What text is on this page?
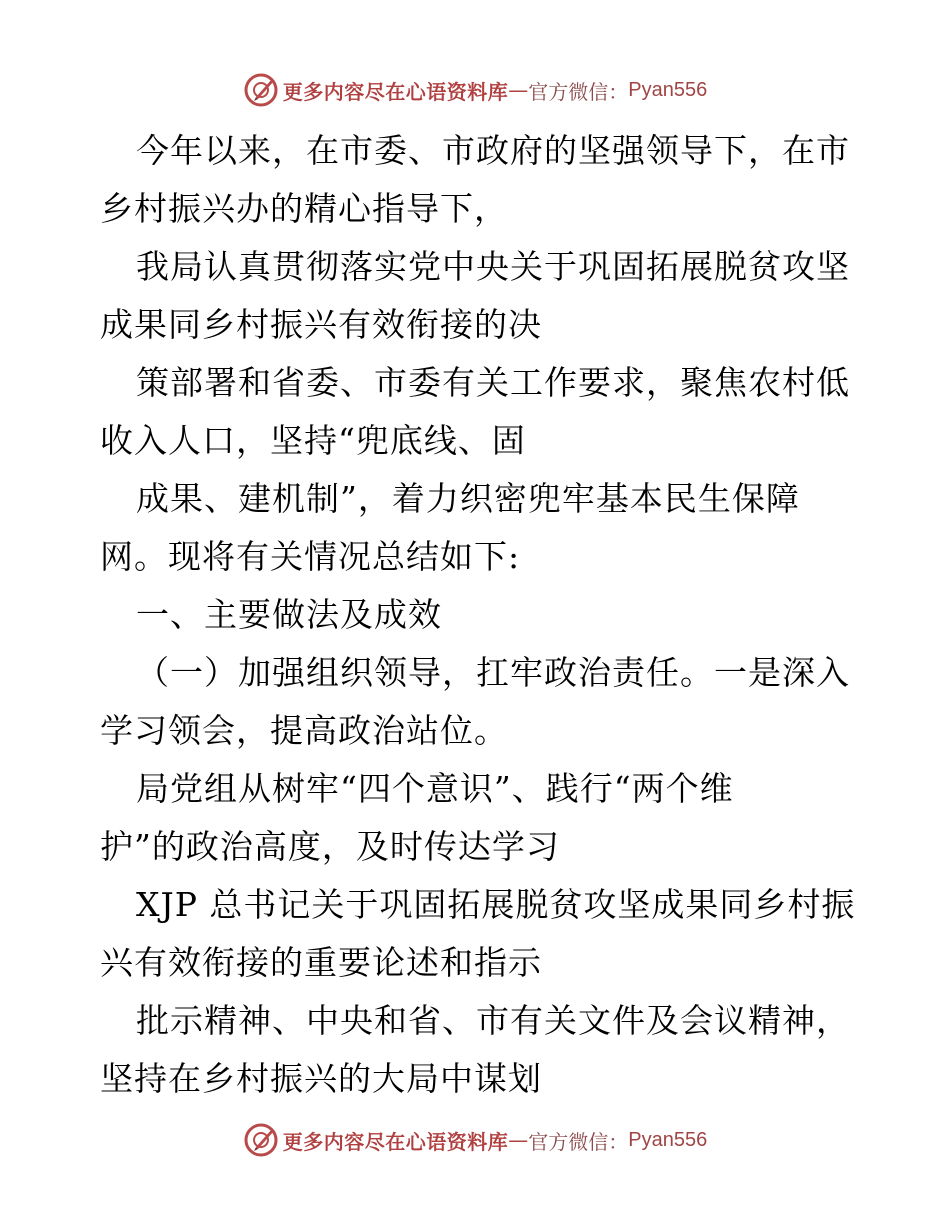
更多内容尽在心语资料库 — 官方微信： Pyan556
今年以来，在市委、市政府的坚强领导下，在市
乡村振兴办的精心指导下，
我局认真贯彻落实党中央关于巩固拓展脱贫攻坚
成果同乡村振兴有效衔接的决
策部署和省委、市委有关工作要求，聚焦农村低
收入人口，坚持“兜底线、固
成果、建机制”，着力织密兜牢基本民生保障
网。现将有关情况总结如下:
一、主要做法及成效
（一）加强组织领导，扛牢政治责任。一是深入
学习领会，提高政治站位。
局党组从树牢“四个意识”、践行“两个维
护”的政治高度，及时传达学习
XJP 总书记关于巩固拓展脱贫攻坚成果同乡村振
兴有效衔接的重要论述和指示
批示精神、中央和省、市有关文件及会议精神，
坚持在乡村振兴的大局中谋划
更多内容尽在心语资料库 — 官方微信： Pyan556
